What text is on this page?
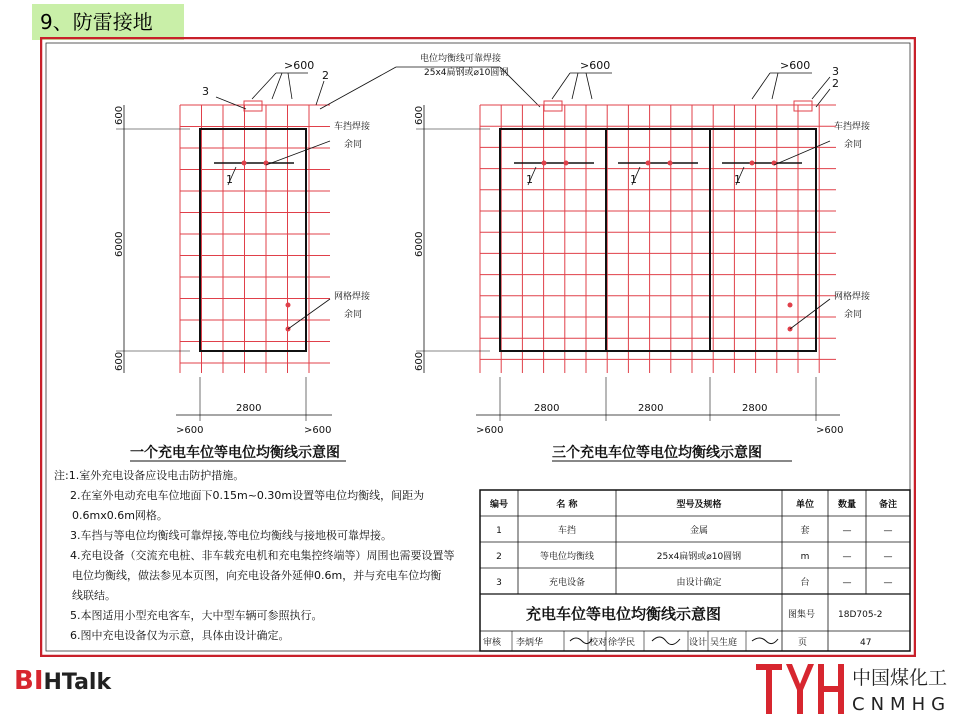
9、防雷接地
>600
3
2
1
车挡焊接
余同
网格焊接
余同
600
6000
600
2800
>600	>600
一个充电车位等电位均衡线示意图
电位均衡线可靠焊接
25x4扁钢或⌀10圆钢
>600	>600 3
2
1	1	1
车挡焊接
余同
网格焊接
余同
600
6000
600
2800	2800	2800
>600	>600
三个充电车位等电位均衡线示意图
注:1.室外充电设备应设电击防护措施。
2.在室外电动充电车位地面下0.15m~0.30m设置等电位均衡线，间距为
0.6mx0.6m网格。
3.车挡与等电位均衡线可靠焊接,等电位均衡线与接地极可靠焊接。
4.充电设备（交流充电桩、非车载充电机和充电集控终端等）周围也需要设置等
电位均衡线，做法参见本页图，向充电设备外延伸0.6m，并与充电车位均衡
线联结。
5.本图适用小型充电客车，大中型车辆可参照执行。
6.图中充电设备仅为示意，具体由设计确定。
编号	名 称	型号及规格	单位	数量	备注
1	车挡	金属	套	—	—
2	等电位均衡线	25x4扁钢或⌀10圆钢	m	—	—
3	充电设备	由设计确定	台	—	—
充电车位等电位均衡线示意图	图集号	18D705-2
审核 李炳华	校对 徐学民	设计 吴生庭	页	47
BIHTalk	中国煤化工
CNMHG
